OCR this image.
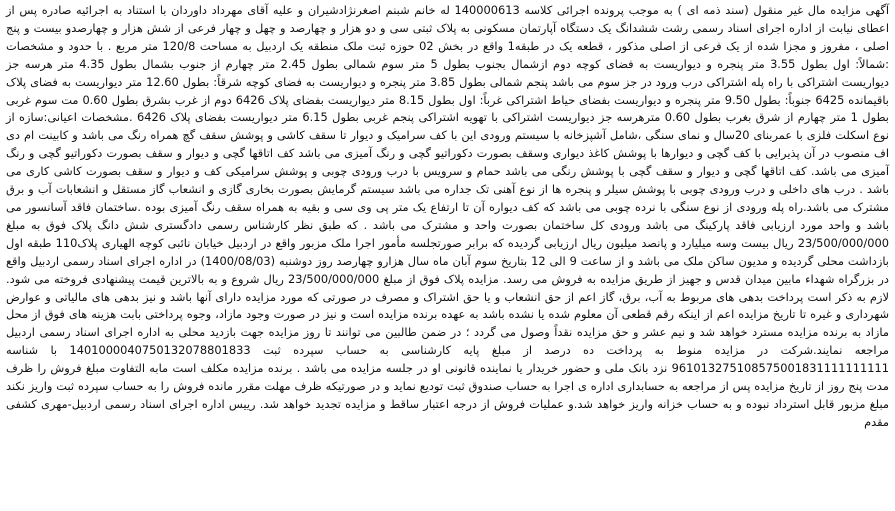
آگهی مزایده مال غیر منقول (سند ذمه ای ) به موجب پرونده اجرائی کلاسه 140000613 له خانم شبنم اصغرنژادشیران و علیه آقای مهرداد داوردان با استناد به اجرائیه صادره پس از اعطای نیابت از اداره اجرای اسناد رسمی رشت ششدانگ یک دستگاه آپارتمان مسکونی به پلاک ثبتی سی و دو هزار و چهارصد و چهل و چهار فرعی از شش هزار و چهارصدو بیست و پنج اصلی ، مفروز و مجزا شده از یک فرعی از اصلی مذکور ، قطعه یک در طبقه1 واقع در بخش 02 حوزه ثبت ملک منطقه یک اردبیل به مساحت 120/8 متر مربع . با حدود و مشخصات :شمالاً: اول بطول 3.55 متر پنجره و دیواریست به فضای کوچه دوم ازشمال بجنوب بطول 5 متر سوم شمالی بطول 2.45 متر چهارم از جنوب بشمال بطول 4.35 متر هرسه جز دیواریست اشتراکی با راه پله اشتراکی درب ورود در جز سوم می باشد پنجم شمالی بطول 3.85 متر پنجره و دیواریست به فضای کوچه شرقاً: بطول 12.60 متر دیواریست به فضای پلاک باقیمانده 6425 جنوباً: بطول 9.50 متر پنجره و دیواریست بفضای حیاط اشتراکی غرباً: اول بطول 8.15 متر دیواریست بفضای پلاک 6426 دوم از غرب بشرق بطول 0.60 مت سوم غربی بطول 1 متر چهارم از شرق بغرب بطول 0.60 مترهرسه جز دیواریست اشتراکی با تهویه اشتراکی پنجم غربی بطول 6.15 متر دیواریست بفضای پلاک 6426 .مشخصات اعیانی:سازه از نوع اسکلت فلزی با عمربنای 20سال و نمای سنگی ،شامل آشپزخانه با سیستم ورودی این با کف سرامیک و دیوار تا سقف کاشی و پوشش سقف گچ همراه رنگ می باشد و کابینت ام دی اف منصوب در آن پذیرایی با کف گچی و دیوارها با پوشش کاغذ دیواری وسقف بصورت دکوراتیو گچی و رنگ آمیزی می باشد کف اتاقها گچی و دیوار و سقف بصورت دکوراتیو گچی و رنگ آمیزی می باشد. کف اتاقها گچی و دیوار و سقف گچی با پوشش رنگی می باشد حمام و سرویس با درب ورودی چوبی و پوشش سرامیکی کف و دیوار و سقف بصورت کاشی کاری می باشد . درب های داخلی و درب ورودی چوبی با پوشش سیلر و پنجره ها از نوع آهنی تک جداره می باشد سیستم گرمایش بصورت بخاری گازی و انشعاب گاز مستقل و انشعابات آب و برق مشترک می باشد.راه پله ورودی از نوع سنگی با نرده چوبی می باشد که کف دیواره آن تا ارتفاع یک متر پی وی سی و بقیه به همراه سقف رنگ آمیزی بوده .ساختمان فاقد آسانسور می باشد و واحد مورد ارزیابی فاقد پارکینگ می باشد ورودی کل ساختمان بصورت واحد و مشترک می باشد . که طبق نظر کارشناس رسمی دادگستری شش دانگ پلاک فوق به مبلغ 23/500/000/000 ریال بیست وسه میلیارد و پانصد میلیون ریال ارزیابی گردیده که برابر صورتجلسه مأمور اجرا ملک مزبور واقع در اردبیل خیابان نائبی کوچه الهیاری پلاک110 طبقه اول بازداشت محلی گردیده و مدیون ساکن ملک می باشد و از ساعت 9 الی 12 بتاریخ سوم آبان ماه سال هزارو چهارصد روز دوشنبه (1400/08/03) در اداره اجرای اسناد رسمی اردبیل واقع در بزرگراه شهداء مابین میدان قدس و جهیز از طریق مزایده به فروش می رسد. مزایده پلاک فوق از مبلغ 23/500/000/000 ریال شروع و به بالاترین قیمت پیشنهادی فروخته می شود. لازم به ذکر است پرداخت بدهی های مربوط به آب، برق، گاز اعم از حق انشعاب و یا حق اشتراک و مصرف در صورتی که مورد مزایده دارای آنها باشد و نیز بدهی های مالیاتی و عوارض شهرداری و غیره تا تاریخ مزایده اعم از اینکه رقم قطعی آن معلوم شده یا نشده باشد به عهده برنده مزایده است و نیز در صورت وجود مازاد، وجوه پرداختی بابت هزینه های فوق از محل مازاد به برنده مزایده مسترد خواهد شد و نیم عشر و حق مزایده نقداً وصول می گردد ؛ در ضمن طالبین می توانند تا روز مزایده جهت بازدید محلی به اداره اجرای اسناد رسمی اردبیل مراجعه نمایند.شرکت در مزایده منوط به پرداخت ده درصد از مبلغ پایه کارشناسی به حساب سپرده ثبت 1401000040750132078801833 با شناسه 961013275108575001831111111111 نزد بانک ملی و حضور خریدار یا نماینده قانونی او در جلسه مزایده می باشد . برنده مزایده مکلف است مابه التفاوت مبلغ فروش را ظرف مدت پنج روز از تاریخ مزایده پس از مراجعه به حسابداری اداره ی اجرا به حساب صندوق ثبت تودیع نماید و در صورتیکه ظرف مهلت مقرر مانده فروش را به حساب سپرده ثبت واریز نکند مبلغ مزبور قابل استرداد نبوده و به حساب خزانه واریز خواهد شد.و عملیات فروش از درجه اعتبار ساقط و مزایده تجدید خواهد شد. رییس اداره اجرای اسناد رسمی اردبیل-مهری کشفی مقدم
